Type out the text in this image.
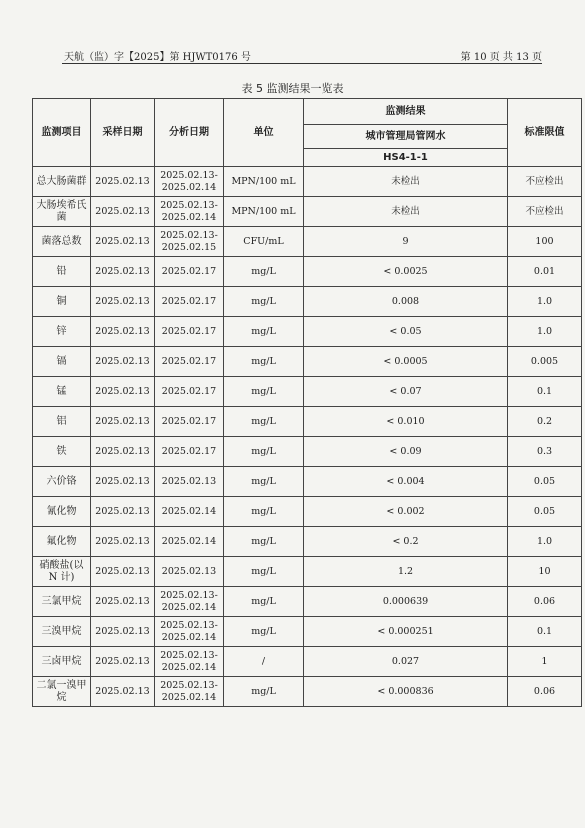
天航（监）字【2025】第 HJWT0176 号	第 10 页 共 13 页
表 5 监测结果一览表
监测项目	采样日期	分析日期	单位	监测结果	标准限值
				城市管理局管网水	
				HS4-1-1	
总大肠菌群	2025.02.13	2025.02.13-2025.02.14	MPN/100 mL	未检出	不应检出
大肠埃希氏菌	2025.02.13	2025.02.13-2025.02.14	MPN/100 mL	未检出	不应检出
菌落总数	2025.02.13	2025.02.13-2025.02.15	CFU/mL	9	100
铅	2025.02.13	2025.02.17	mg/L	< 0.0025	0.01
铜	2025.02.13	2025.02.17	mg/L	0.008	1.0
锌	2025.02.13	2025.02.17	mg/L	< 0.05	1.0
镉	2025.02.13	2025.02.17	mg/L	< 0.0005	0.005
锰	2025.02.13	2025.02.17	mg/L	< 0.07	0.1
铝	2025.02.13	2025.02.17	mg/L	< 0.010	0.2
铁	2025.02.13	2025.02.17	mg/L	< 0.09	0.3
六价铬	2025.02.13	2025.02.13	mg/L	< 0.004	0.05
氰化物	2025.02.13	2025.02.14	mg/L	< 0.002	0.05
氟化物	2025.02.13	2025.02.14	mg/L	< 0.2	1.0
硝酸盐(以 N 计)	2025.02.13	2025.02.13	mg/L	1.2	10
三氯甲烷	2025.02.13	2025.02.13-2025.02.14	mg/L	0.000639	0.06
三溴甲烷	2025.02.13	2025.02.13-2025.02.14	mg/L	< 0.000251	0.1
三卤甲烷	2025.02.13	2025.02.13-2025.02.14	/	0.027	1
二氯一溴甲烷	2025.02.13	2025.02.13-2025.02.14	mg/L	< 0.000836	0.06
